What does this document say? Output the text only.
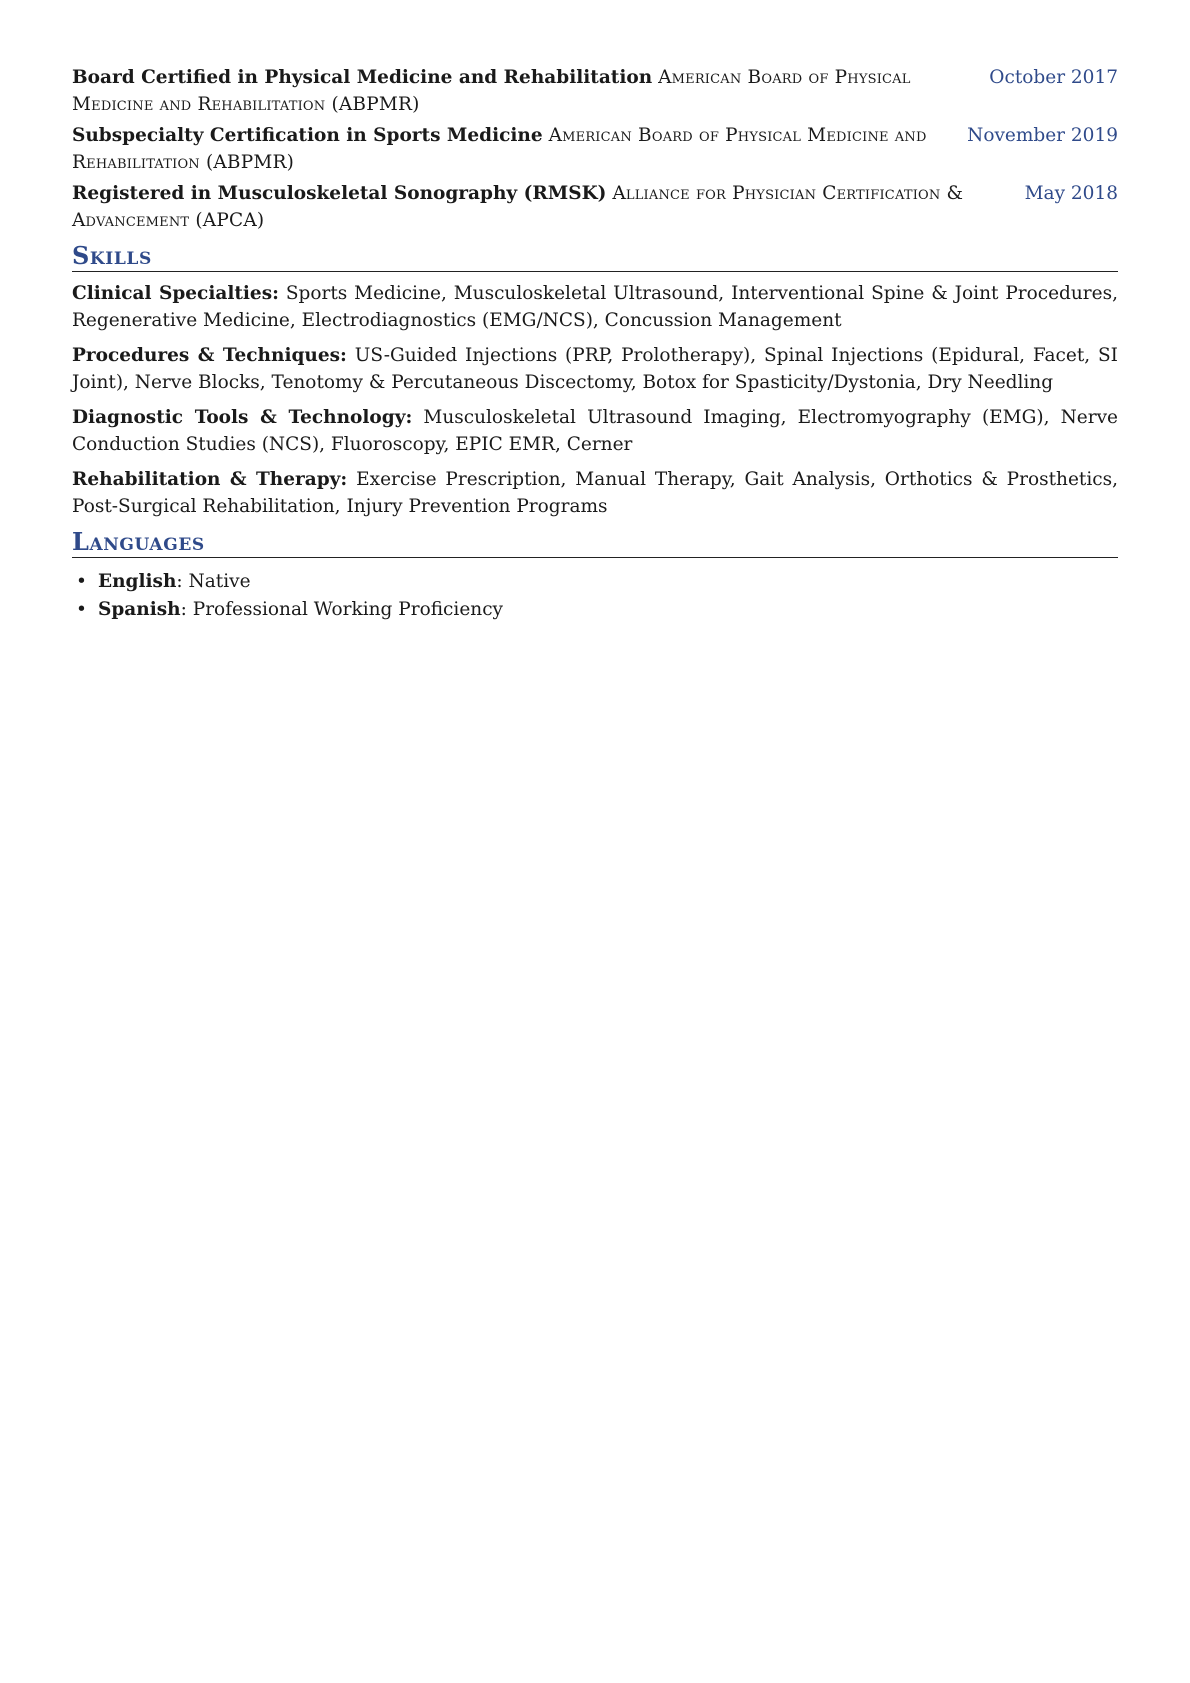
Board Certified in Physical Medicine and Rehabilitation American Board of Physical	October 2017
Medicine and Rehabilitation (ABPMR)
Subspecialty Certification in Sports Medicine American Board of Physical Medicine and November 2019
Rehabilitation (ABPMR)
Registered in Musculoskeletal Sonography (RMSK) Alliance for Physician Certification &	May 2018
Advancement (APCA)
Skills

Clinical Specialties: Sports Medicine, Musculoskeletal Ultrasound, Interventional Spine & Joint Procedures, Regenerative Medicine, Electrodiagnostics (EMG/NCS), Concussion Management

Procedures & Techniques: US-Guided Injections (PRP, Prolotherapy), Spinal Injections (Epidural, Facet, SI Joint), Nerve Blocks, Tenotomy & Percutaneous Discectomy, Botox for Spasticity/Dystonia, Dry Needling

Diagnostic Tools & Technology: Musculoskeletal Ultrasound Imaging, Electromyography (EMG), Nerve Conduction Studies (NCS), Fluoroscopy, EPIC EMR, Cerner

Rehabilitation & Therapy: Exercise Prescription, Manual Therapy, Gait Analysis, Orthotics & Prosthetics, Post-Surgical Rehabilitation, Injury Prevention Programs

Languages
• English: Native
• Spanish: Professional Working Proficiency
